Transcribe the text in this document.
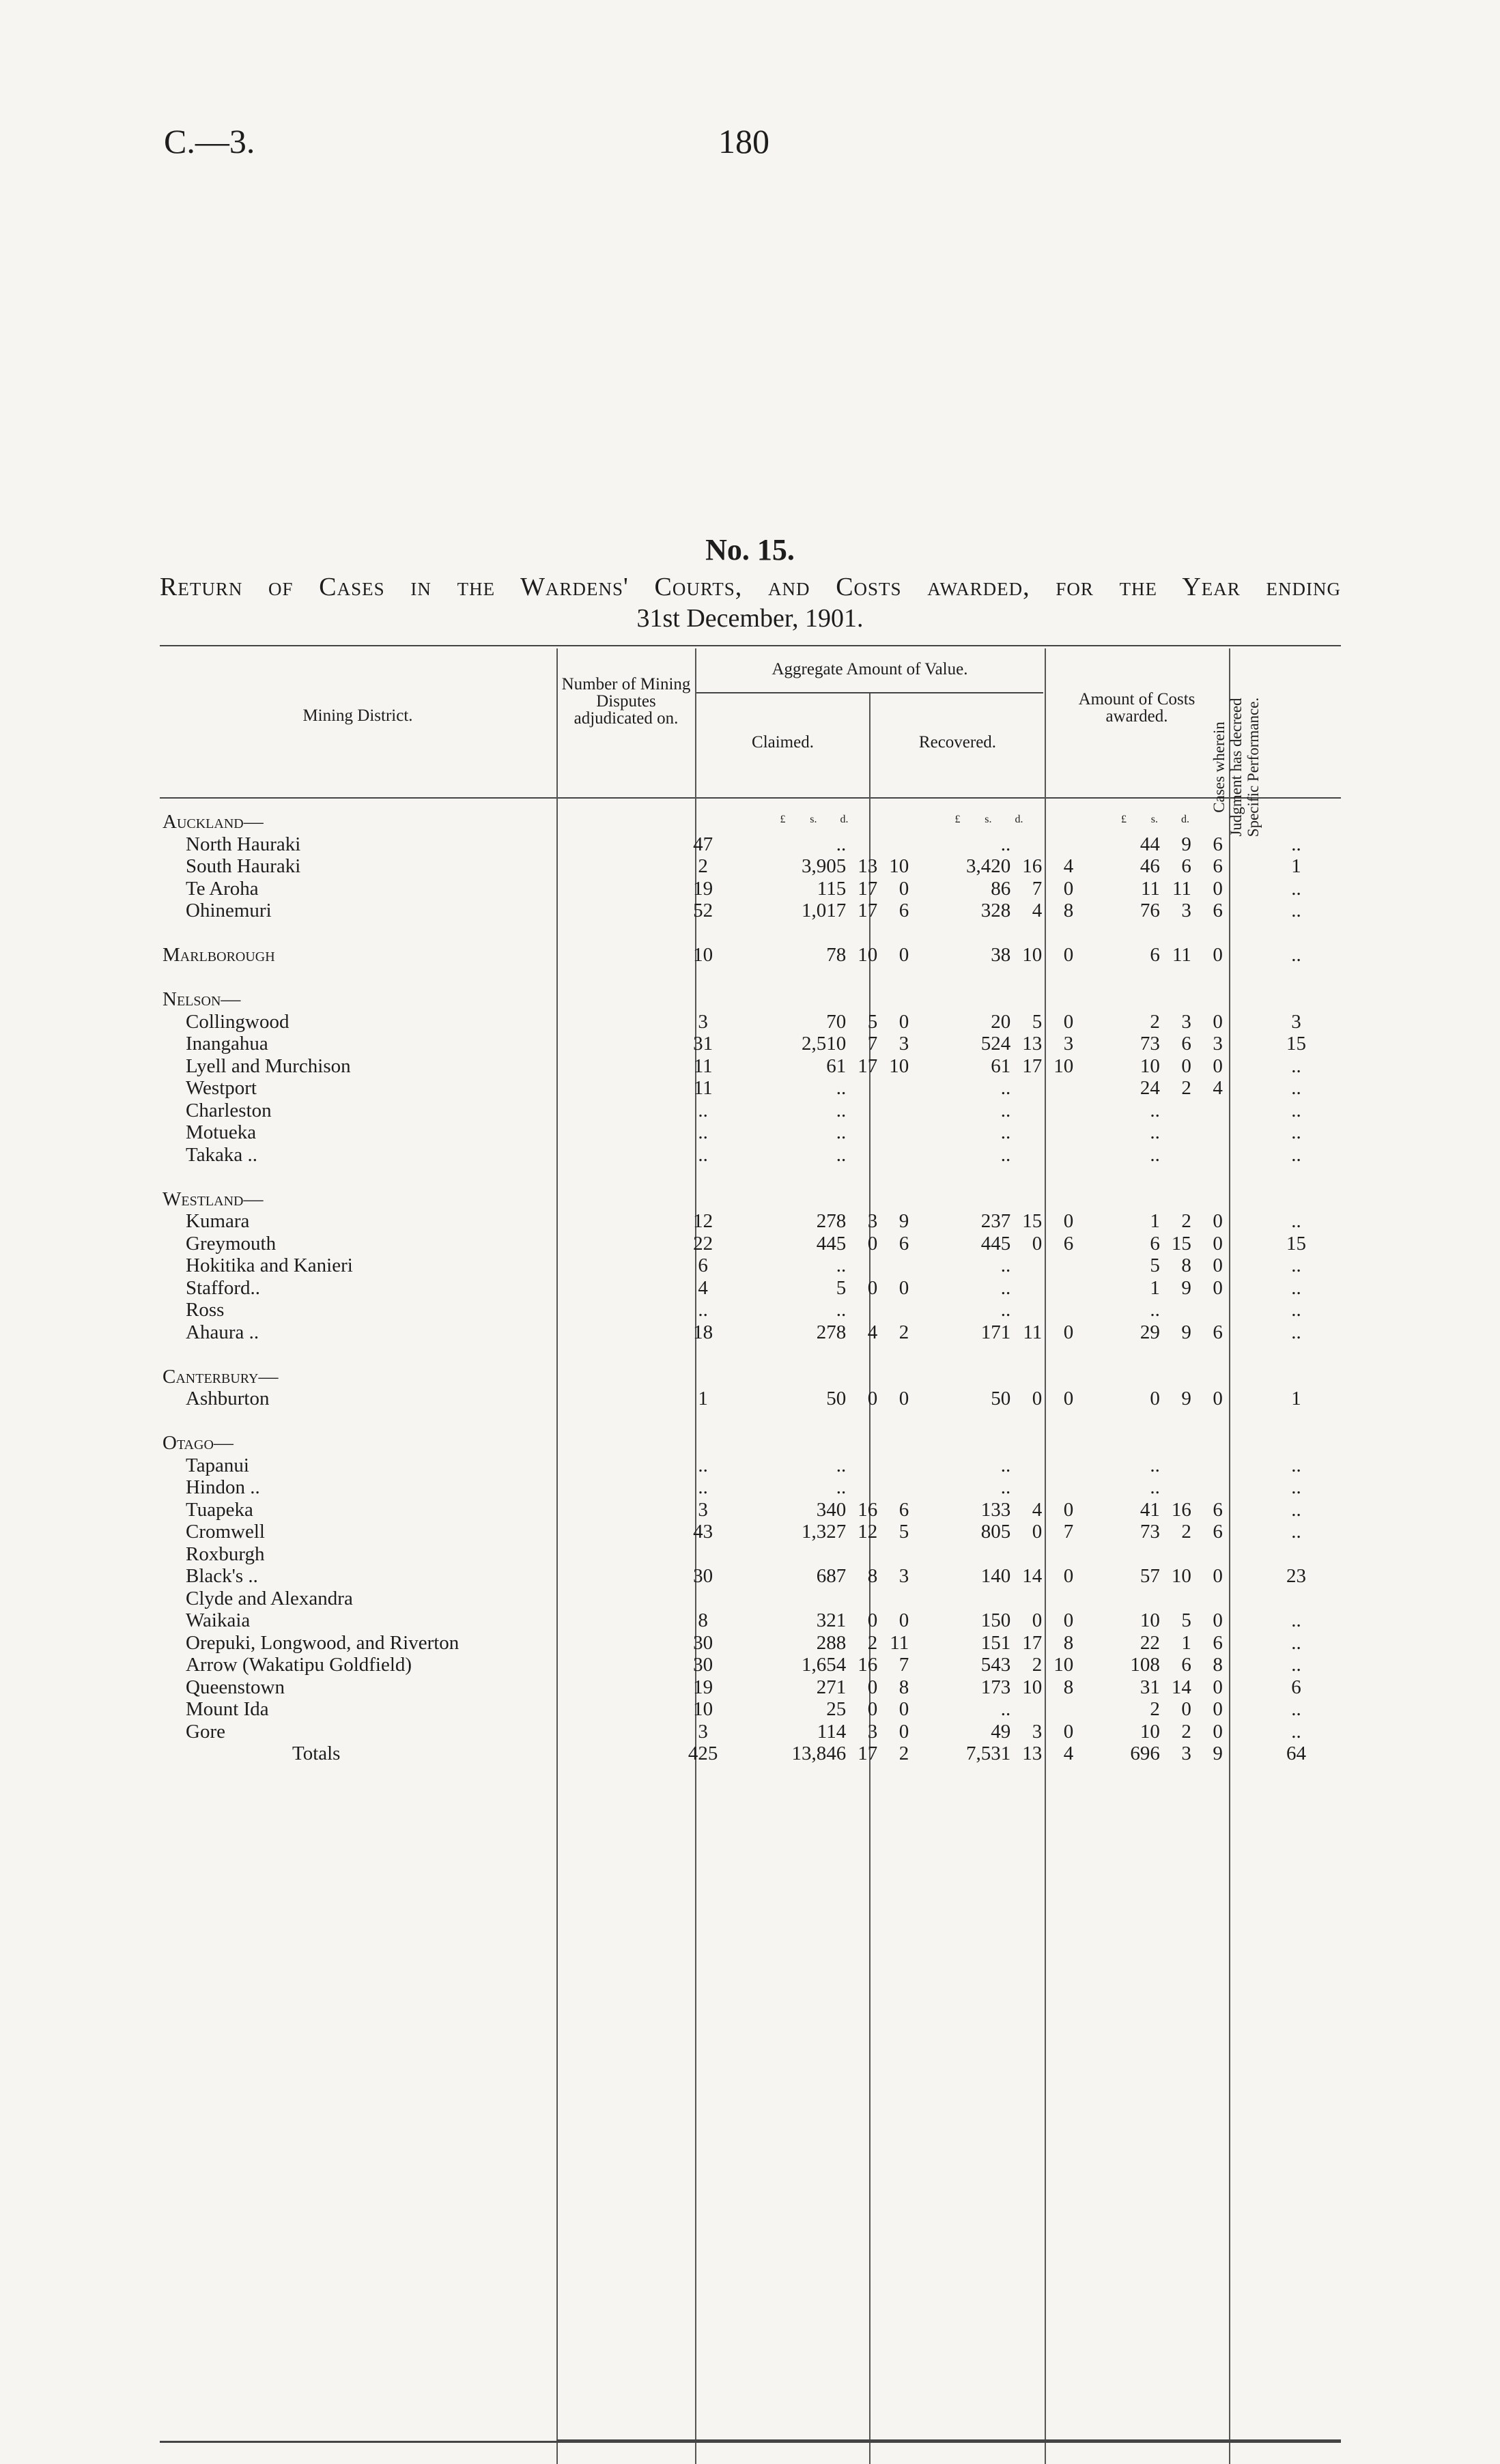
C.—3.	180
No. 15.
Return of Cases in the Wardens' Courts, and Costs awarded, for the Year ending
31st December, 1901.
Mining District.
Number of Mining Disputes adjudicated on.
Aggregate Amount of Value.
Claimed.	Recovered.
Amount of Costs awarded.
Cases wherein Judgment has decreed Specific Performance.
£	s.	d.	£	s.	d.	£	s.	d.
Auckland—					
North Hauraki	47	..	..	44 9 6	..
South Hauraki	2	3,905 13 10	3,420 16 4	46 6 6	1
Te Aroha	19	115 17 0	86 7 0	11 11 0	..
Ohinemuri	52	1,017 17 6	328 4 8	76 3 6	..

Marlborough	10	78 10 0	38 10 0	6 11 0	..

Nelson—					
Collingwood	3	70 5 0	20 5 0	2 3 0	3
Inangahua	31	2,510 7 3	524 13 3	73 6 3	15
Lyell and Murchison	11	61 17 10	61 17 10	10 0 0	..
Westport	11	..	..	24 2 4	..
Charleston	..	..	..	..	..
Motueka	..	..	..	..	..
Takaka ..	..	..	..	..	..

Westland—					
Kumara	12	278 3 9	237 15 0	1 2 0	..
Greymouth	22	445 0 6	445 0 6	6 15 0	15
Hokitika and Kanieri	6	..	..	5 8 0	..
Stafford..	4	5 0 0	..	1 9 0	..
Ross	..	..	..	..	..
Ahaura ..	18	278 4 2	171 11 0	29 9 6	..

Canterbury—					
Ashburton	1	50 0 0	50 0 0	0 9 0	1

Otago—					
Tapanui	..	..	..	..	..
Hindon ..	..	..	..	..	..
Tuapeka	3	340 16 6	133 4 0	41 16 6	..
Cromwell	43	1,327 12 5	805 0 7	73 2 6	..
Roxburgh		

Black's ..	30	687 8 3	140 14 0	57 10 0	23
Clyde and Alexandra		

Waikaia	8	321 0 0	150 0 0	10 5 0	..
Orepuki, Longwood, and Riverton	30	288 2 11	151 17 8	22 1 6	..
Arrow (Wakatipu Goldfield)	30	1,654 16 7	543 2 10	108 6 8	..
Queenstown	19	271 0 8	173 10 8	31 14 0	6
Mount Ida	10	25 0 0	..	2 0 0	..
Gore	3	114 3 0	49 3 0	10 2 0	..
Totals	425	13,846 17 2	7,531 13 4	696 3 9	64
